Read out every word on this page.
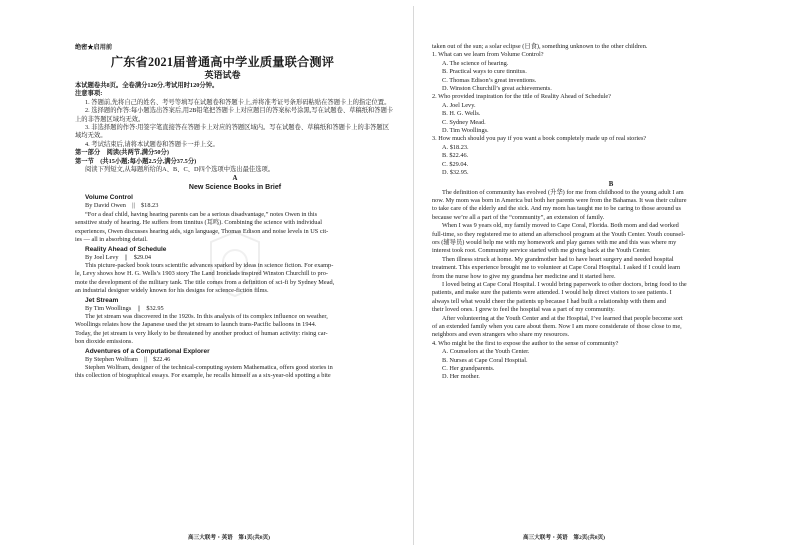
绝密★启用前
广东省2021届普通高中学业质量联合测评
英语试卷

本试题卷共8页。全卷满分120分,考试用时120分钟。

注意事项:

1. 答题前,先将自己的姓名、考号等填写在试题卷和答题卡上,并将准考证号条形码粘贴在答题卡上的指定位置。

2. 选择题的作答:每小题选出答案后,用2B铅笔把答题卡上对应题目的答案标号涂黑,写在试题卷、草稿纸和答题卡上的非答题区域均无效。

3. 非选择题的作答:用签字笔直接答在答题卡上对应的答题区域内。写在试题卷、草稿纸和答题卡上的非答题区域均无效。

4. 考试结束后,请将本试题卷和答题卡一并上交。

第一部分　阅读(共两节,满分50分)

第一节　(共15小题;每小题2.5分,满分37.5分)

阅读下列短文,从每题所给的A、B、C、D四个选项中选出最佳选项。

A
New Science Books in Brief
Volume Control
By David Owen　||　$18.23
“For a deaf child, having hearing parents can be a serious disadvantage,” notes Owen in this
sensitive study of hearing. He suffers from tinnitus (耳鸣). Combining the science with individual
experiences, Owen discusses hearing aids, sign language, Thomas Edison and noise levels in US cit-
ies — all in absorbing detail.
Reality Ahead of Schedule
By Joel Levy　||　$29.04
This picture-packed book tours scientific advances sparked by ideas in science fiction. For examp-
le, Levy shows how H. G. Wells’s 1903 story The Land Ironclads inspired Winston Churchill to pro-
mote the development of the military tank. The title comes from a definition of sci-fi by Sydney Mead,
an industrial designer widely known for his designs for science-fiction films.
Jet Stream
By Tim Woollings　||　$32.95
The jet stream was discovered in the 1920s. In this analysis of its complex influence on weather,
Woollings relates how the Japanese used the jet stream to launch trans-Pacific balloons in 1944.
Today, the jet stream is very likely to be threatened by another product of human activity: rising car-
bon dioxide emissions.
Adventures of a Computational Explorer
By Stephen Wolfram　||　$22.46
Stephen Wolfram, designer of the technical-computing system Mathematica, offers good stories in
this collection of biographical essays. For example, he recalls himself as a six-year-old spotting a bite
高三大联考・英语　第1页(共8页)
taken out of the sun; a solar eclipse (日食), something unknown to the other children.
1. What can we learn from Volume Control?
A. The science of hearing.
B. Practical ways to cure tinnitus.
C. Thomas Edison’s great inventions.
D. Winston Churchill’s great achievements.
2. Who provided inspiration for the title of Reality Ahead of Schedule?
A. Joel Levy.
B. H. G. Wells.
C. Sydney Mead.
D. Tim Woollings.
3. How much should you pay if you want a book completely made up of real stories?
A. $18.23.
B. $22.46.
C. $29.04.
D. $32.95.
B
The definition of community has evolved (升华) for me from childhood to the young adult I am
now. My mom was born in America but both her parents were from the Bahamas. It was their culture
to take care of the elderly and the sick. And my mom has taught me to be caring to those around us
because we’re all a part of the “community”, an extension of family.
When I was 9 years old, my family moved to Cape Coral, Florida. Both mom and dad worked
full-time, so they registered me to attend an afterschool program at the Youth Center. Youth counsel-
ors (辅导员) would help me with my homework and play games with me and this was where my
interest took root. Community service started with me giving back at the Youth Center.
Then illness struck at home. My grandmother had to have heart surgery and needed hospital
treatment. This experience brought me to volunteer at Cape Coral Hospital. I asked if I could learn
from the nurse how to give my grandma her medicine and it started here.
I loved being at Cape Coral Hospital. I would bring paperwork to other doctors, bring food to the
patients, and make sure the patients were attended. I would help direct visitors to see patients. I
always tell what would cheer the patients up because I had built a relationship with them and
their loved ones. I grew to feel the hospital was a part of my community.
After volunteering at the Youth Center and at the Hospital, I’ve learned that people become sort
of an extended family when you care about them. Now I am more considerate of those close to me,
neighbors and even strangers who share my resources.
4. Who might be the first to expose the author to the sense of community?
A. Counselors at the Youth Center.
B. Nurses at Cape Coral Hospital.
C. Her grandparents.
D. Her mother.
高三大联考・英语　第2页(共8页)
